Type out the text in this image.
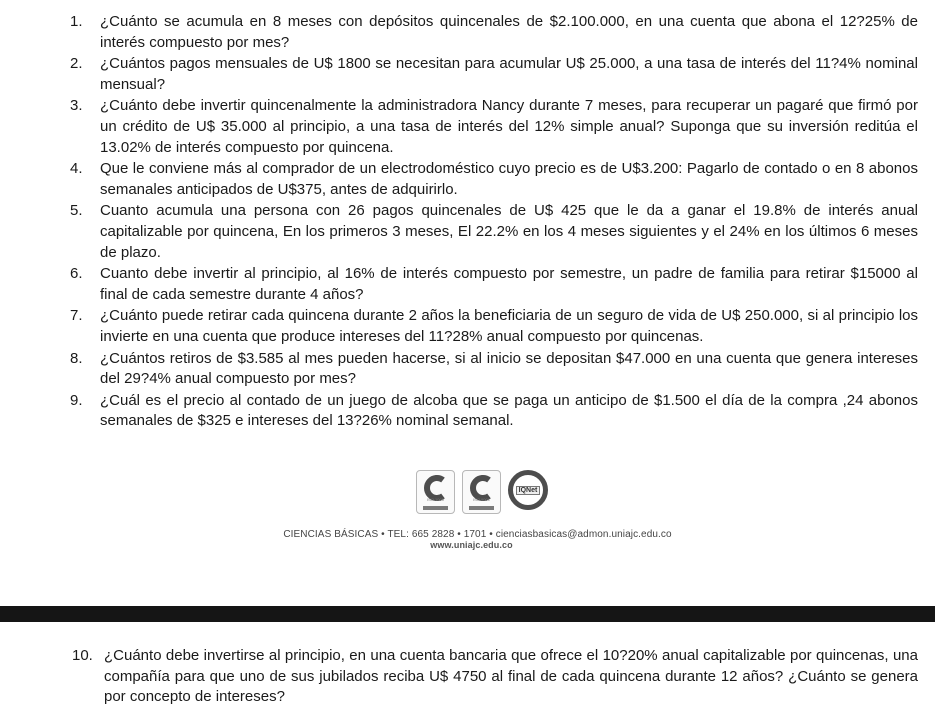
1.	¿Cuánto se acumula en 8 meses con depósitos quincenales de $2.100.000, en una cuenta que abona el 12?25% de interés compuesto por mes?
2.	¿Cuántos pagos mensuales de U$ 1800 se necesitan para acumular U$ 25.000, a una tasa de interés del 11?4% nominal mensual?
3.	¿Cuánto debe invertir quincenalmente la administradora Nancy durante 7 meses, para recuperar un pagaré que firmó por un crédito de U$ 35.000 al principio, a una tasa de interés del 12% simple anual? Suponga que su inversión reditúa el 13.02% de interés compuesto por quincena.
4.	Que le conviene más al comprador de un electrodoméstico cuyo precio es de U$3.200: Pagarlo de contado o en 8 abonos semanales anticipados de U$375, antes de adquirirlo.
5.	Cuanto acumula una persona con 26 pagos quincenales de U$ 425 que le da a ganar el 19.8% de interés anual capitalizable por quincena, En los primeros 3 meses, El 22.2% en los 4 meses siguientes y el 24% en los últimos 6 meses de plazo.
6.	Cuanto debe invertir al principio, al 16% de interés compuesto por semestre, un padre de familia para retirar $15000 al final de cada semestre durante 4 años?
7.	¿Cuánto puede retirar cada quincena durante 2 años la beneficiaria de un seguro de vida de U$ 250.000, si al principio los invierte en una cuenta que produce intereses del 11?28% anual compuesto por quincenas.
8.	¿Cuántos retiros de $3.585 al mes pueden hacerse, si al inicio se depositan $47.000 en una cuenta que genera intereses del 29?4% anual compuesto por mes?
9.	¿Cuál es el precio al contado de un juego de alcoba que se paga un anticipo de $1.500 el día de la compra ,24 abonos semanales de $325 e intereses del 13?26% nominal semanal.
ISO 1000	ISO 9001
IQNet
CIENCIAS BÁSICAS • TEL: 665 2828 • 1701 • cienciasbasicas@admon.uniajc.edu.co
www.uniajc.edu.co
10. ¿Cuánto debe invertirse al principio, en una cuenta bancaria que ofrece el 10?20% anual capitalizable por quincenas, una compañía para que uno de sus jubilados reciba U$ 4750 al final de cada quincena durante 12 años? ¿Cuánto se genera por concepto de intereses?
